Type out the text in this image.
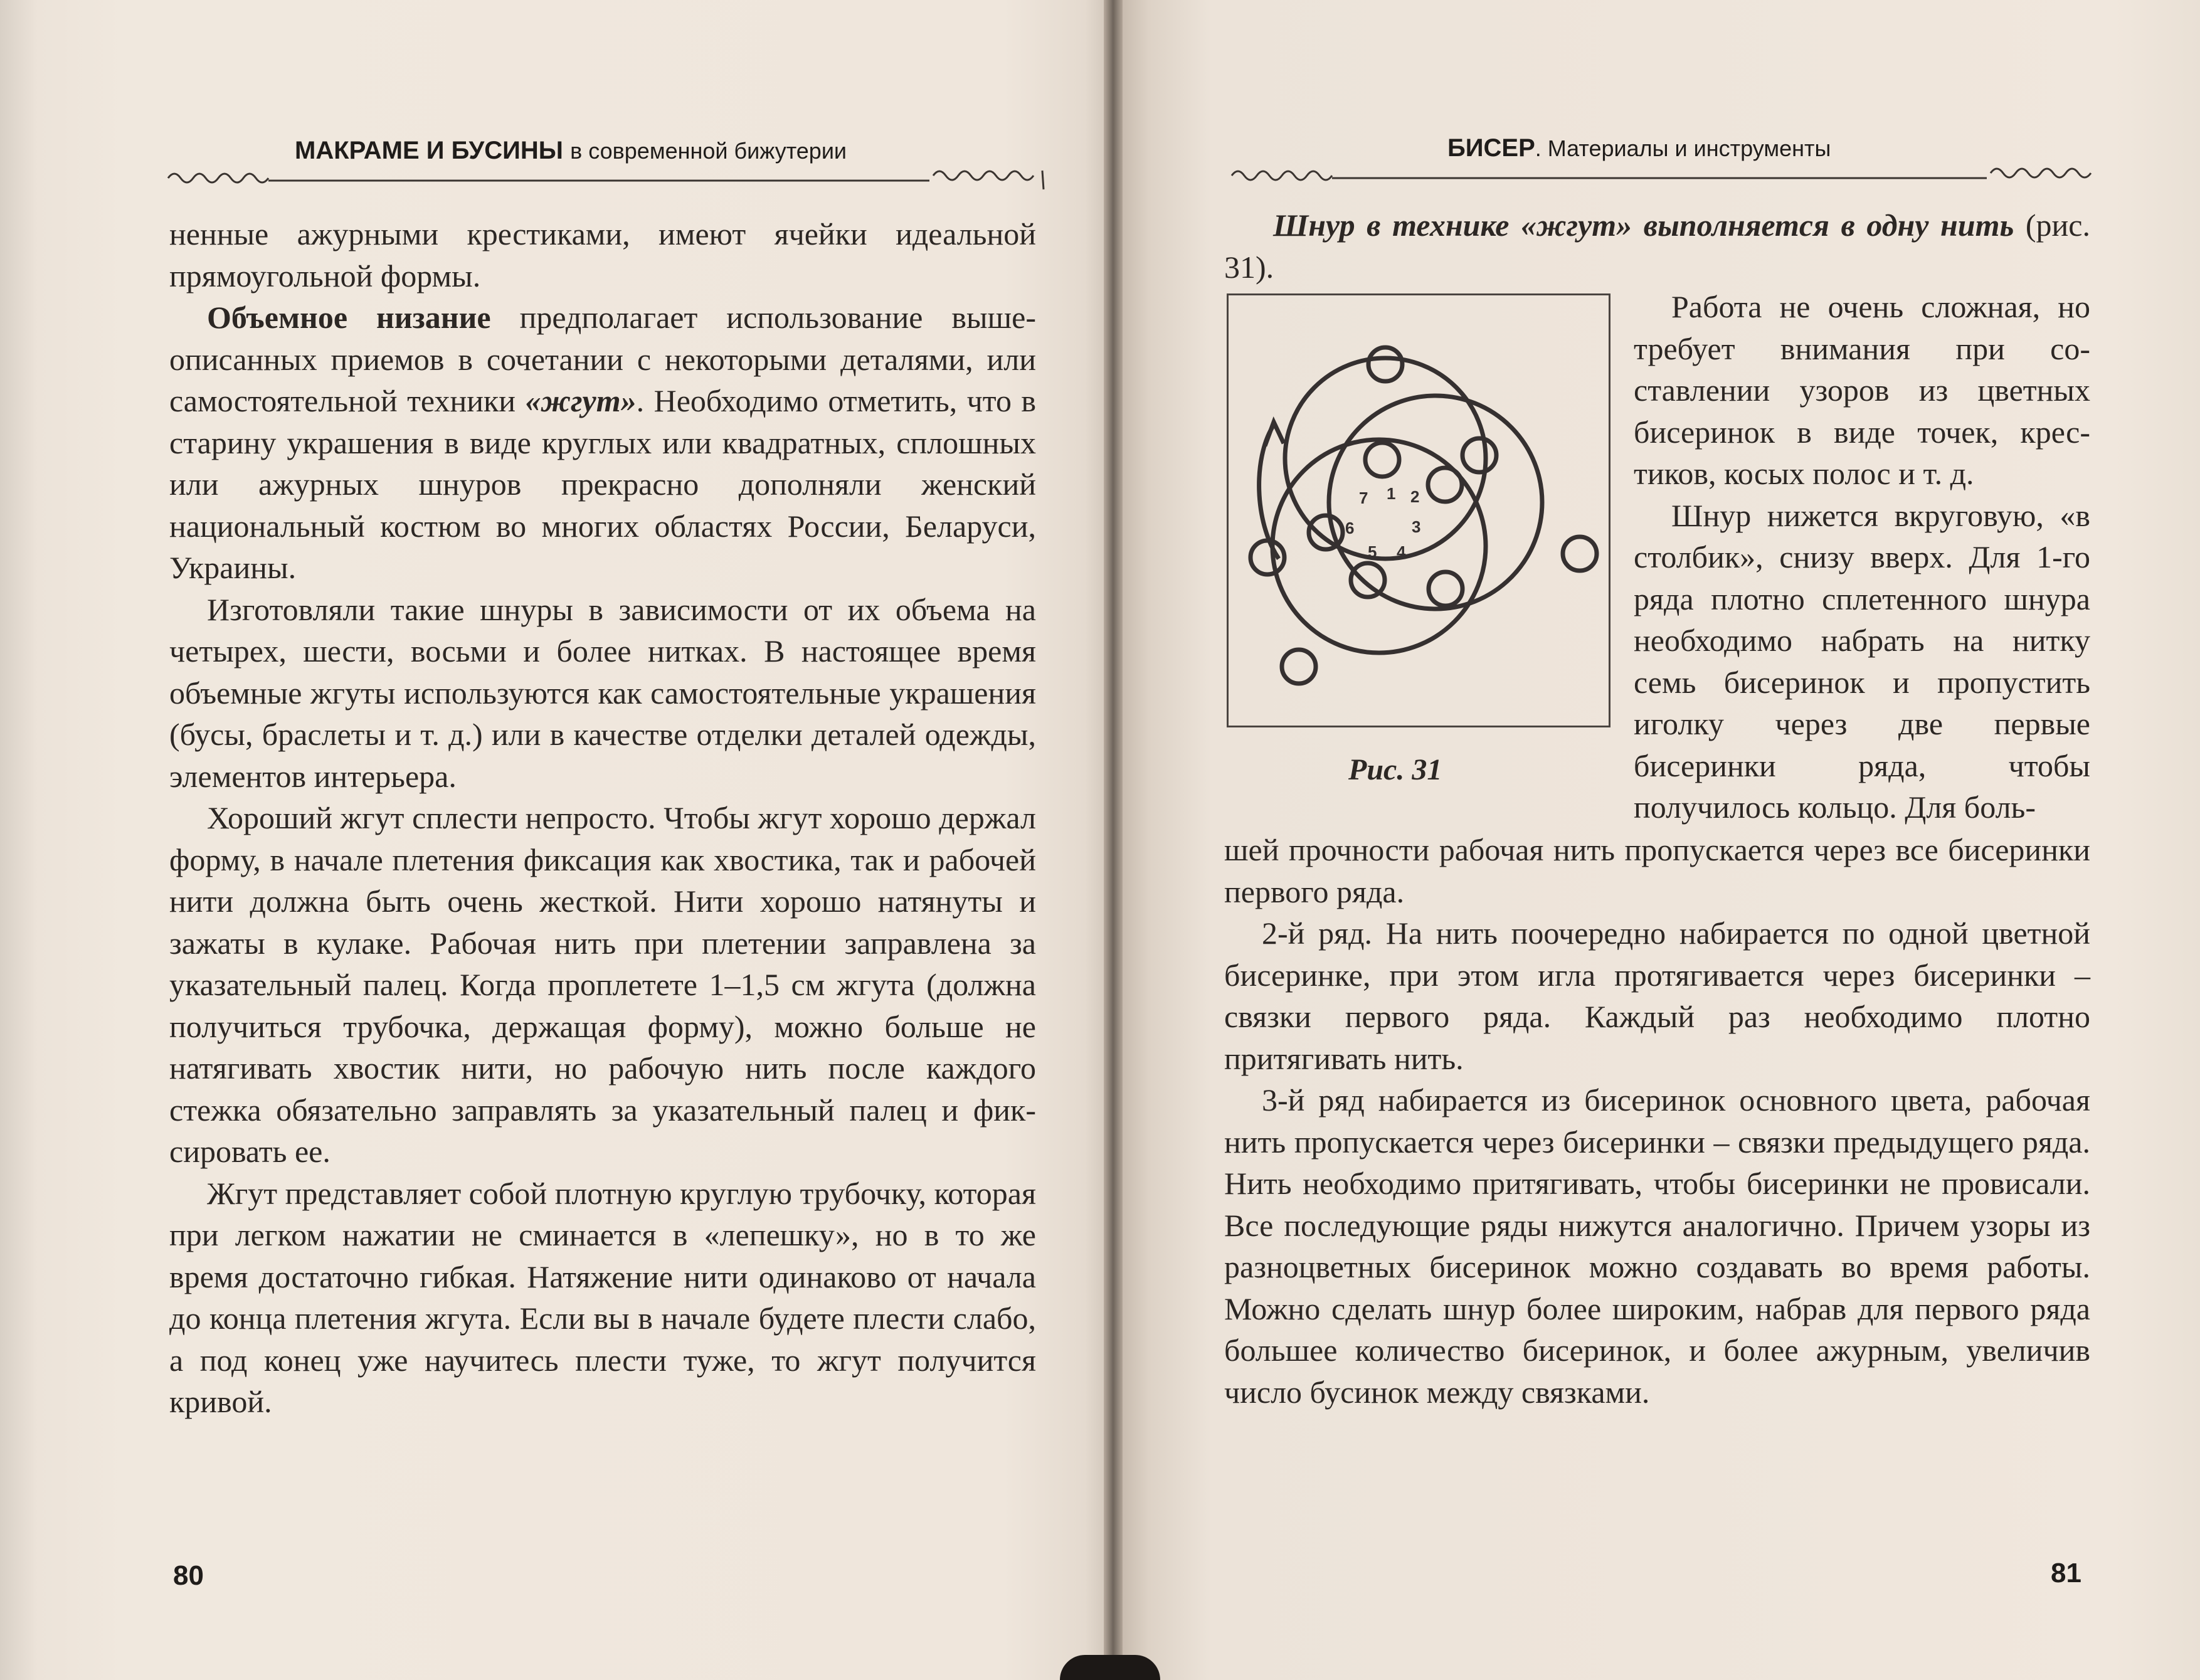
МАКРАМЕ И БУСИНЫ в современной бижутерии

ненные ажурными крестиками, имеют ячейки идеальной прямоугольной формы.

Объемное низание предполагает использование вышеописанных приемов в сочетании с некоторыми деталями, или самостоятельной техники «жгут». Необходимо отметить, что в старину украшения в виде круглых или квадратных, сплошных или ажурных шнуров прекрасно дополняли женский национальный костюм во многих областях России, Беларуси, Украины.

Изготовляли такие шнуры в зависимости от их объема на четырех, шести, восьми и более нитках. В настоящее время объемные жгуты используются как самостоятельные украшения (бусы, браслеты и т. д.) или в качестве отделки деталей одежды, элементов интерьера.

Хороший жгут сплести непросто. Чтобы жгут хорошо держал форму, в начале плетения фиксация как хвостика, так и рабочей нити должна быть очень жесткой. Нити хорошо натянуты и зажаты в кулаке. Рабочая нить при плетении заправлена за указательный палец. Когда проплетете 1–1,5 см жгута (должна получиться трубочка, держащая форму), можно больше не натягивать хвостик нити, но рабочую нить после каждого стежка обязательно заправлять за указательный палец и фиксировать ее.

Жгут представляет собой плотную круглую трубочку, которая при легком нажатии не сминается в «лепешку», но в то же время достаточно гибкая. Натяжение нити одинаково от начала до конца плетения жгута. Если вы в начале будете плести слабо, а под конец уже научитесь плести туже, то жгут получится кривой.

80
БИСЕР. Материалы и инструменты

Шнур в технике «жгут» выполняется в одну нить (рис. 31).

1 2
3
4
5
6
7
Рис. 31

Работа не очень сложная, но требует внимания при составлении узоров из цветных бисеринок в виде точек, крестиков, косых полос и т. д.

Шнур нижется вкруговую, «в столбик», снизу вверх. Для 1-го ряда плотно сплетенного шнура необходимо набрать на нитку семь бисеринок и пропустить иголку через две первые бисеринки ряда, чтобы получилось кольцо. Для боль-

шей прочности рабочая нить пропускается через все бисеринки первого ряда.

2-й ряд. На нить поочередно набирается по одной цветной бисеринке, при этом игла протягивается через бисеринки – связки первого ряда. Каждый раз необходимо плотно притягивать нить.

3-й ряд набирается из бисеринок основного цвета, рабочая нить пропускается через бисеринки – связки предыдущего ряда. Нить необходимо притягивать, чтобы бисеринки не провисали. Все последующие ряды нижутся аналогично. Причем узоры из разноцветных бисеринок можно создавать во время работы. Можно сделать шнур более широким, набрав для первого ряда большее количество бисеринок, и более ажурным, увеличив число бусинок между связками.

81
